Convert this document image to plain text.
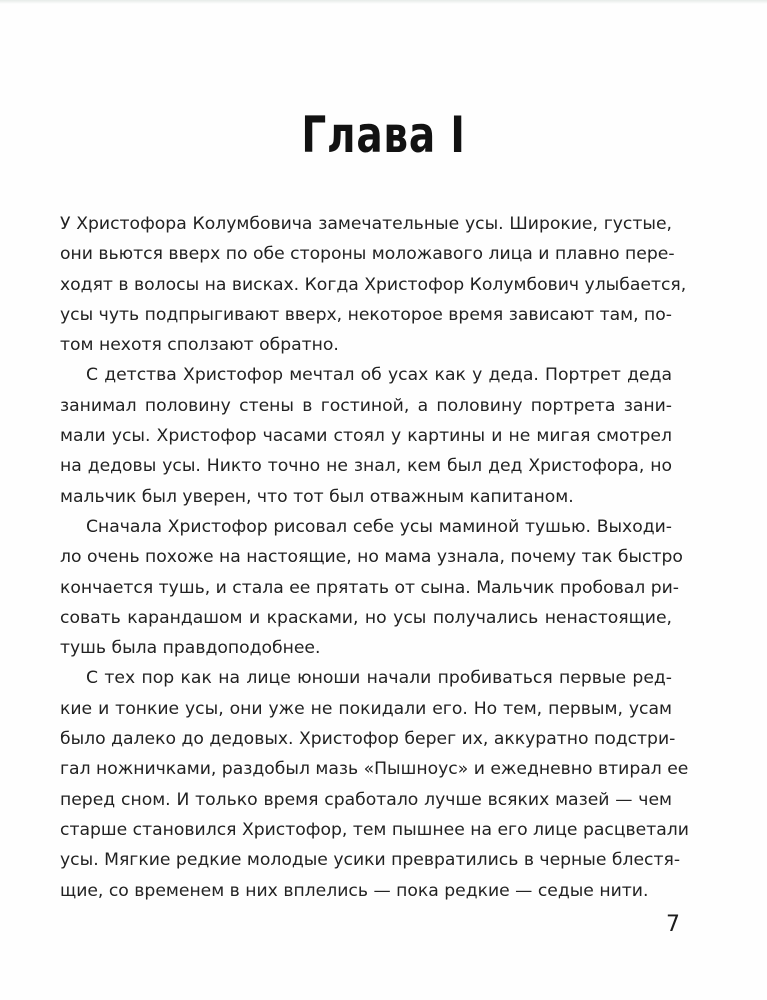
Глава I

У Христофора Колумбовича замечательные усы. Широкие, густые,
они вьются вверх по обе стороны моложавого лица и плавно пере-
ходят в волосы на висках. Когда Христофор Колумбович улыбается,
усы чуть подпрыгивают вверх, некоторое время зависают там, по-
том нехотя сползают обратно.

С детства Христофор мечтал об усах как у деда. Портрет деда
занимал половину стены в гостиной, а половину портрета зани-
мали усы. Христофор часами стоял у картины и не мигая смотрел
на дедовы усы. Никто точно не знал, кем был дед Христофора, но
мальчик был уверен, что тот был отважным капитаном.

Сначала Христофор рисовал себе усы маминой тушью. Выходи-
ло очень похоже на настоящие, но мама узнала, почему так быстро
кончается тушь, и стала ее прятать от сына. Мальчик пробовал ри-
совать карандашом и красками, но усы получались ненастоящие,
тушь была правдоподобнее.

С тех пор как на лице юноши начали пробиваться первые ред-
кие и тонкие усы, они уже не покидали его. Но тем, первым, усам
было далеко до дедовых. Христофор берег их, аккуратно подстри-
гал ножничками, раздобыл мазь «Пышноус» и ежедневно втирал ее
перед сном. И только время сработало лучше всяких мазей — чем
старше становился Христофор, тем пышнее на его лице расцветали
усы. Мягкие редкие молодые усики превратились в черные блестя-
щие, со временем в них вплелись — пока редкие — седые нити.

7
